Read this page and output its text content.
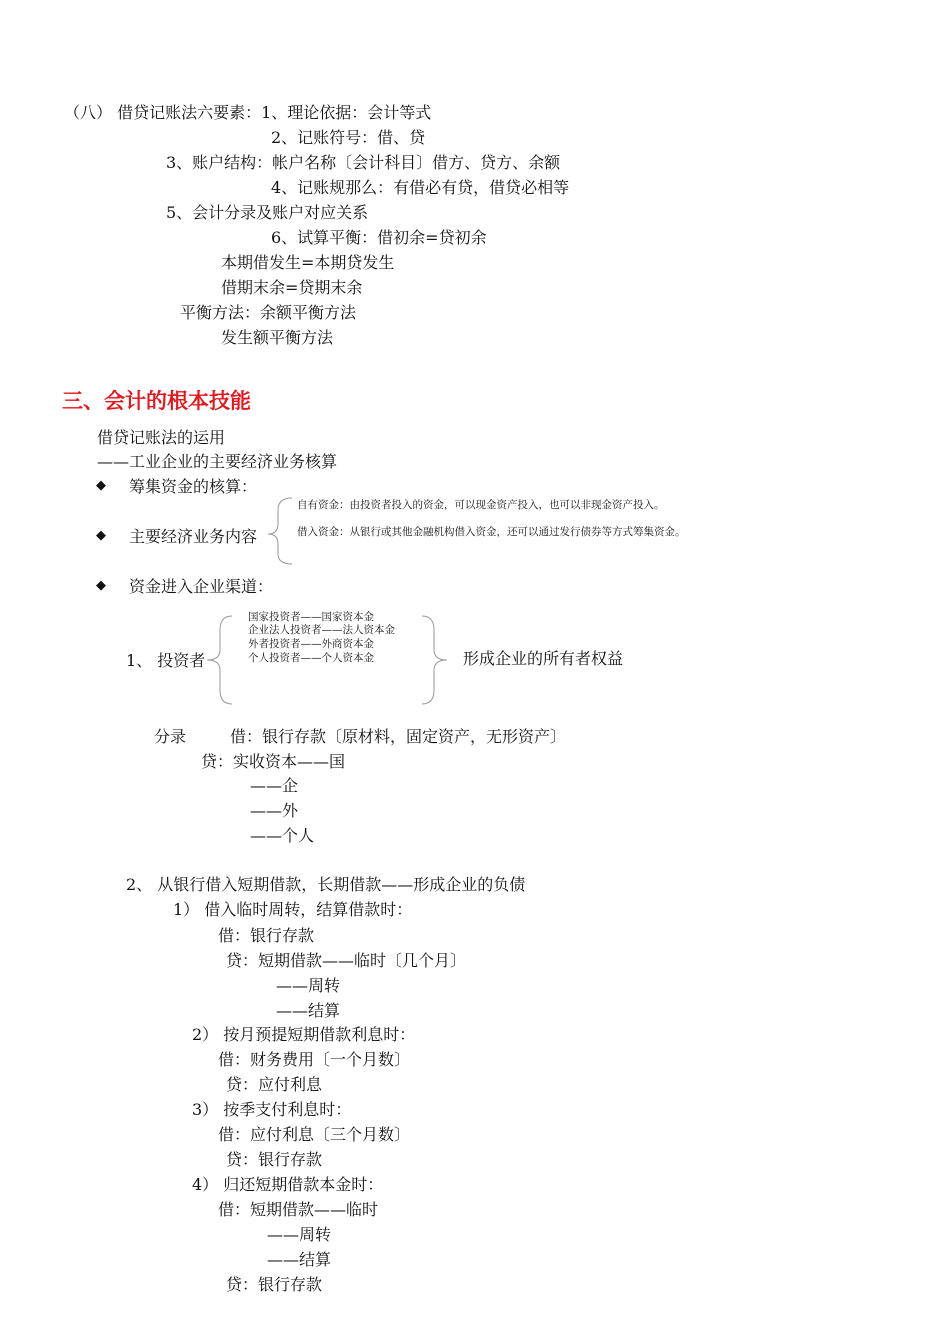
（八） 借贷记账法六要素：1、理论依据：会计等式
2、记账符号：借、贷
3、账户结构：帐户名称〔会计科目〕借方、贷方、余额
4、记账规那么：有借必有贷，借贷必相等
5、会计分录及账户对应关系
6、试算平衡：借初余=贷初余
本期借发生=本期贷发生
借期末余=贷期末余
平衡方法：余额平衡方法
发生额平衡方法
三、会计的根本技能
借贷记账法的运用
——工业企业的主要经济业务核算
◆ 筹集资金的核算：
◆ 主要经济业务内容
自有资金：由投资者投入的资金，可以现金资产投入，也可以非现金资产投入。
借入资金：从银行或其他金融机构借入资金，还可以通过发行债券等方式筹集资金。
◆ 资金进入企业渠道：
1、 投资者
国家投资者——国家资本金
企业法人投资者——法人资本金
外者投资者——外商资本金
个人投资者——个人资本金	形成企业的所有者权益
分录	借：银行存款〔原材料，固定资产，无形资产〕
贷：实收资本——国
——企
——外
——个人
2、 从银行借入短期借款，长期借款——形成企业的负债
1） 借入临时周转，结算借款时：
借：银行存款
贷：短期借款——临时〔几个月〕
——周转
——结算
2） 按月预提短期借款利息时：
借：财务费用〔一个月数〕
贷：应付利息
3） 按季支付利息时：
借：应付利息〔三个月数〕
贷：银行存款
4） 归还短期借款本金时：
借：短期借款——临时
——周转
——结算
贷：银行存款
